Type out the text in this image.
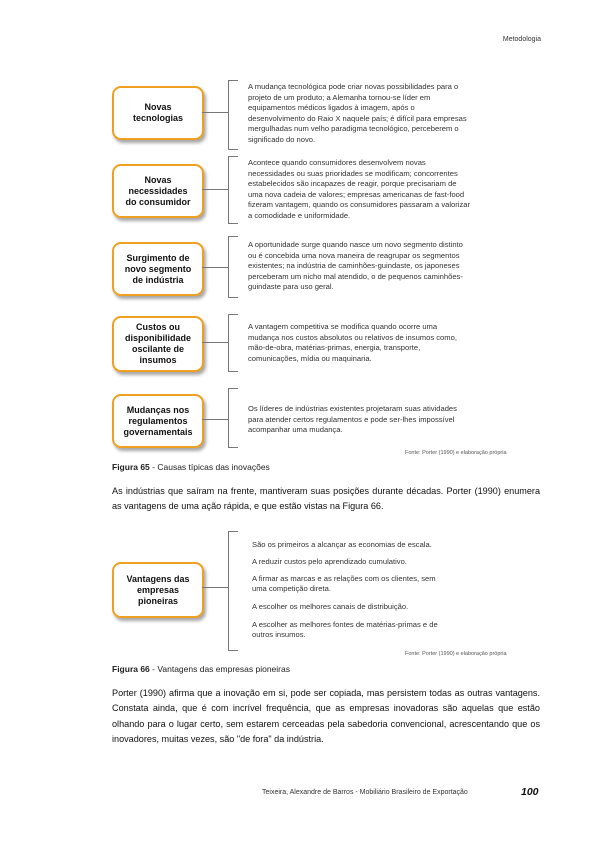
Metodologia
Novas
tecnologias
A mudança tecnológica pode criar novas possibilidades para o
projeto de um produto; a Alemanha tornou-se líder em
equipamentos médicos ligados à imagem, após o
desenvolvimento do Raio X naquele país; é difícil para empresas
mergulhadas num velho paradigma tecnológico, perceberem o
significado do novo.
Novas
necessidades
do consumidor
Acontece quando consumidores desenvolvem novas
necessidades ou suas prioridades se modificam; concorrentes
estabelecidos são incapazes de reagir, porque precisariam de
uma nova cadeia de valores; empresas americanas de fast-food
fizeram vantagem, quando os consumidores passaram a valorizar
a comodidade e uniformidade.
Surgimento de
novo segmento
de indústria
A oportunidade surge quando nasce um novo segmento distinto
ou é concebida uma nova maneira de reagrupar os segmentos
existentes; na indústria de caminhões-guindaste, os japoneses
perceberam um nicho mal atendido, o de pequenos caminhões-
guindaste para uso geral.
Custos ou
disponibilidade
oscilante de
insumos
A vantagem competitiva se modifica quando ocorre uma
mudança nos custos absolutos ou relativos de insumos como,
mão-de-obra, matérias-primas, energia, transporte,
comunicações, mídia ou maquinaria.
Mudanças nos
regulamentos
governamentais
Os líderes de indústrias existentes projetaram suas atividades
para atender certos regulamentos e pode ser-lhes impossível
acompanhar uma mudança.
Fonte: Porter (1990) e elaboração própria
Figura 65 - Causas típicas das inovações
As indústrias que saíram na frente, mantiveram suas posições durante décadas. Porter (1990) enumera as vantagens de uma ação rápida, e que estão vistas na Figura 66.
Vantagens das
empresas
pioneiras
São os primeiros a alcançar as economias de escala.
A reduzir custos pelo aprendizado cumulativo.
A firmar as marcas e as relações com os clientes, sem
uma competição direta.
A escolher os melhores canais de distribuição.
A escolher as melhores fontes de matérias-primas e de
outros insumos.
Fonte: Porter (1990) e elaboração própria
Figura 66 - Vantagens das empresas pioneiras
Porter (1990) afirma que a inovação em si, pode ser copiada, mas persistem todas as outras vantagens. Constata ainda, que é com incrível frequência, que as empresas inovadoras são aquelas que estão olhando para o lugar certo, sem estarem cerceadas pela sabedoria convencional, acrescentando que os inovadores, muitas vezes, são "de fora" da indústria.
Teixeira, Alexandre de Barros - Mobiliário Brasileiro de Exportação	100
